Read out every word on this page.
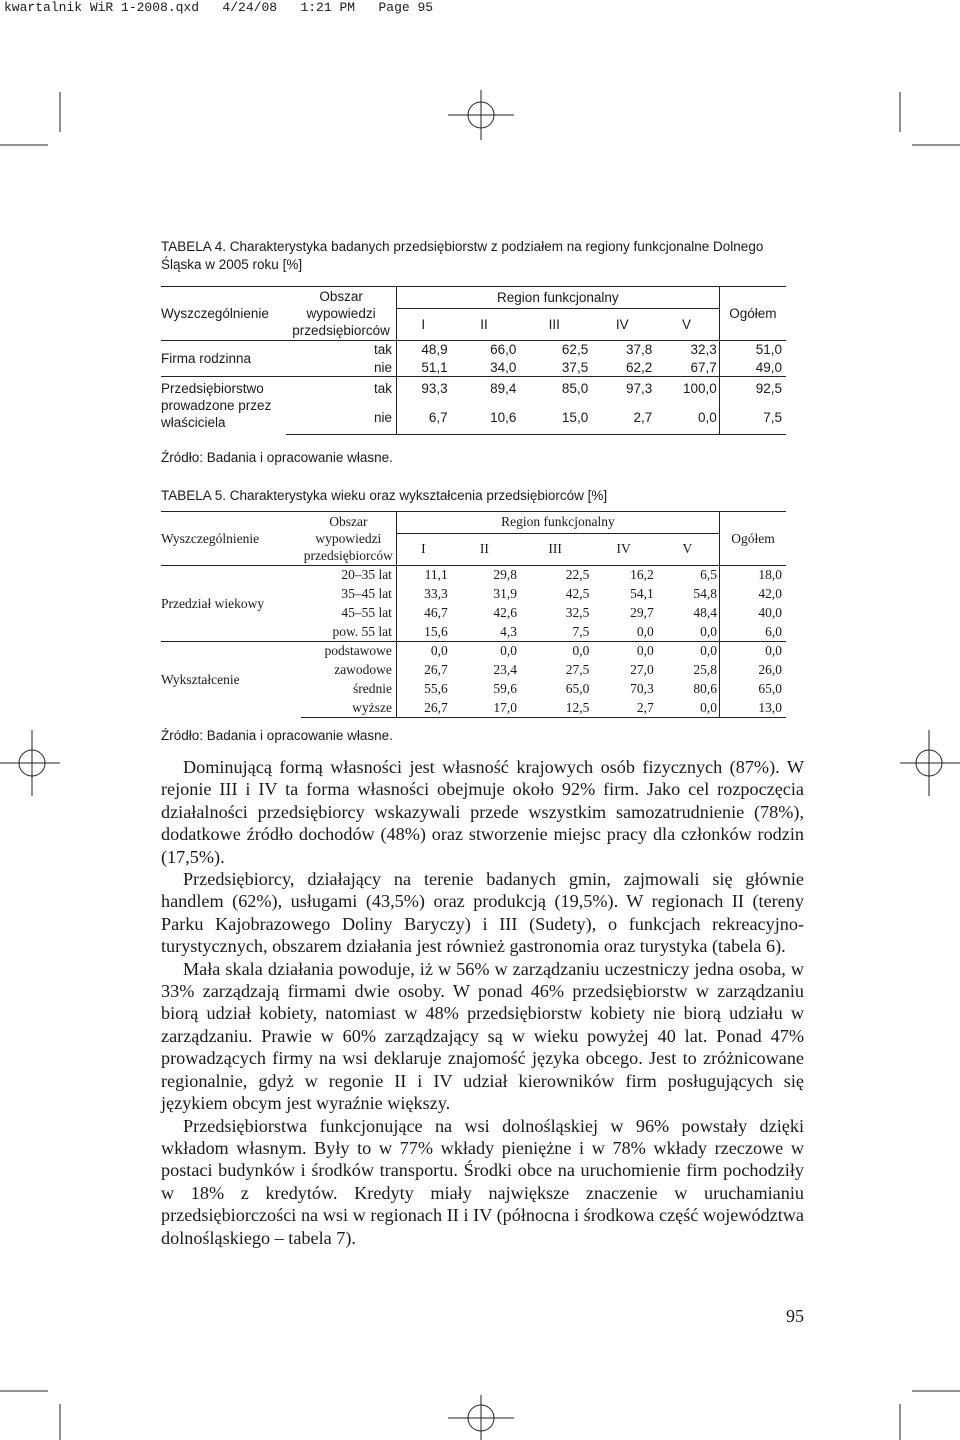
kwartalnik WiR 1-2008.qxd   4/24/08   1:21 PM   Page 95
TABELA 4. Charakterystyka badanych przedsiębiorstw z podziałem na regiony funkcjonalne Dolnego Śląska w 2005 roku [%]
Wyszczególnienie	Obszar wypowiedzi przedsiębiorców	Region funkcjonalny					Ogółem
		I	II	III	IV	V	
Firma rodzinna	tak	48,9	66,0	62,5	37,8	32,3	51,0
	nie	51,1	34,0	37,5	62,2	67,7	49,0
Przedsiębiorstwo prowadzone przez właściciela	tak	93,3	89,4	85,0	97,3	100,0	92,5
	nie	6,7	10,6	15,0	2,7	0,0	7,5
Źródło: Badania i opracowanie własne.
TABELA 5. Charakterystyka wieku oraz wykształcenia przedsiębiorców [%]
Wyszczególnienie	Obszar wypowiedzi przedsiębiorców	Region funkcjonalny					Ogółem
		I	II	III	IV	V	
Przedział wiekowy	20–35 lat	11,1	29,8	22,5	16,2	6,5	18,0
	35–45 lat	33,3	31,9	42,5	54,1	54,8	42,0
	45–55 lat	46,7	42,6	32,5	29,7	48,4	40,0
	pow. 55 lat	15,6	4,3	7,5	0,0	0,0	6,0
Wykształcenie	podstawowe	0,0	0,0	0,0	0,0	0,0	0,0
	zawodowe	26,7	23,4	27,5	27,0	25,8	26,0
	średnie	55,6	59,6	65,0	70,3	80,6	65,0
	wyższe	26,7	17,0	12,5	2,7	0,0	13,0
Źródło: Badania i opracowanie własne.

Dominującą formą własności jest własność krajowych osób fizycznych (87%). W rejonie III i IV ta forma własności obejmuje około 92% firm. Jako cel rozpoczęcia działalności przedsiębiorcy wskazywali przede wszystkim samozatrudnienie (78%), dodatkowe źródło dochodów (48%) oraz stworzenie miejsc pracy dla członków rodzin (17,5%).

Przedsiębiorcy, działający na terenie badanych gmin, zajmowali się głównie handlem (62%), usługami (43,5%) oraz produkcją (19,5%). W regionach II (tereny Parku Kajobrazowego Doliny Baryczy) i III (Sudety), o funkcjach rekreacyjno-turystycznych, obszarem działania jest również gastronomia oraz turystyka (tabela 6).

Mała skala działania powoduje, iż w 56% w zarządzaniu uczestniczy jedna osoba, w 33% zarządzają firmami dwie osoby. W ponad 46% przedsiębiorstw w zarządzaniu biorą udział kobiety, natomiast w 48% przedsiębiorstw kobiety nie biorą udziału w zarządzaniu. Prawie w 60% zarządzający są w wieku powyżej 40 lat. Ponad 47% prowadzących firmy na wsi deklaruje znajomość języka obcego. Jest to zróżnicowane regionalnie, gdyż w regonie II i IV udział kierowników firm posługujących się językiem obcym jest wyraźnie większy.

Przedsiębiorstwa funkcjonujące na wsi dolnośląskiej w 96% powstały dzięki wkładom własnym. Były to w 77% wkłady pieniężne i w 78% wkłady rzeczowe w postaci budynków i środków transportu. Środki obce na uruchomienie firm pochodziły w 18% z kredytów. Kredyty miały największe znaczenie w uruchamianiu przedsiębiorczości na wsi w regionach II i IV (północna i środkowa część województwa dolnośląskiego – tabela 7).

95
